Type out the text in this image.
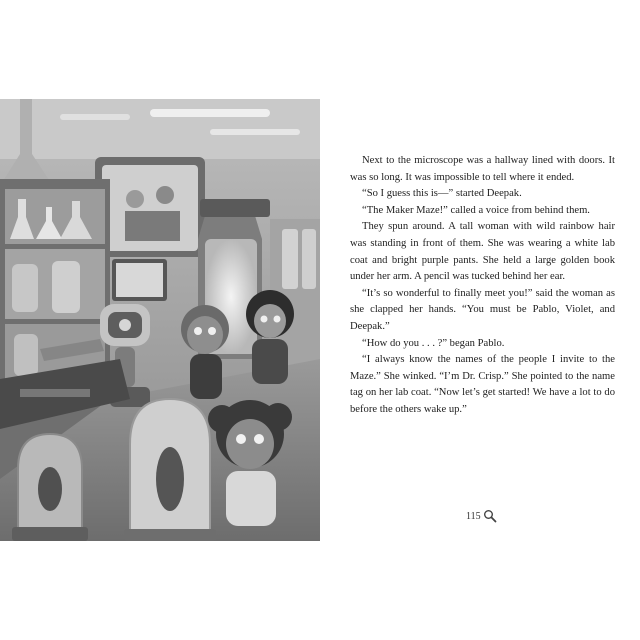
Next to the microscope was a hallway lined with doors. It was so long. It was impossible to tell where it ended.

“So I guess this is—” started Deepak.

“The Maker Maze!” called a voice from behind them.

They spun around. A tall woman with wild rainbow hair was standing in front of them. She was wearing a white lab coat and bright purple pants. She held a large golden book under her arm. A pencil was tucked behind her ear.

“It’s so wonderful to finally meet you!” said the woman as she clapped her hands. “You must be Pablo, Violet, and Deepak.”

“How do you . . . ?” began Pablo.

“I always know the names of the people I invite to the Maze.” She winked. “I’m Dr. Crisp.” She pointed to the name tag on her lab coat. “Now let’s get started! We have a lot to do before the others wake up.”

115
